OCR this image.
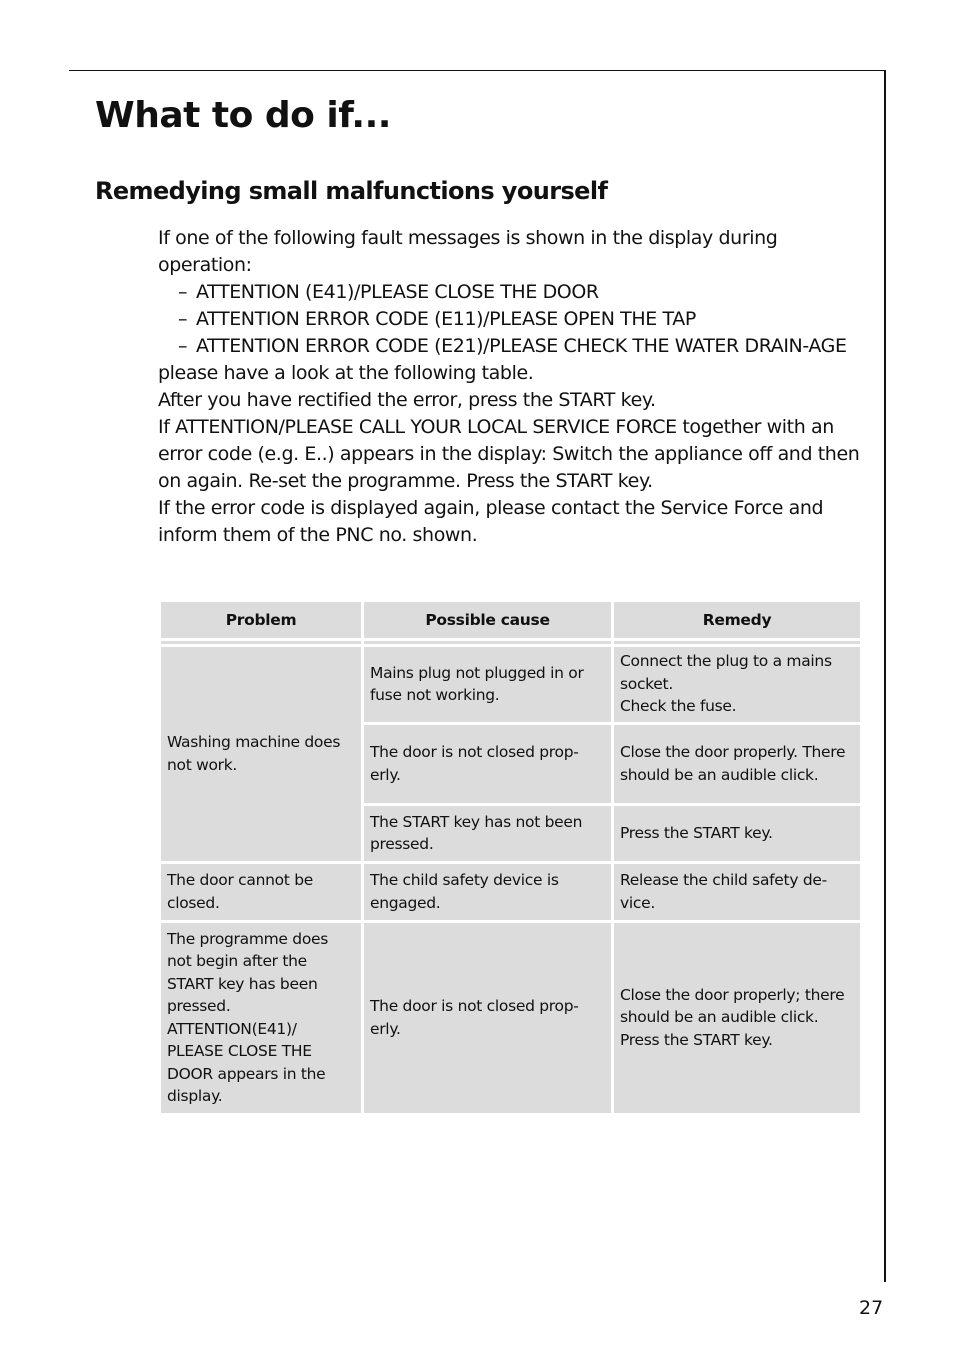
What to do if...
Remedying small malfunctions yourself

If one of the following fault messages is shown in the display during operation:

– ATTENTION (E41)/PLEASE CLOSE THE DOOR
– ATTENTION ERROR CODE (E11)/PLEASE OPEN THE TAP
– ATTENTION ERROR CODE (E21)/PLEASE CHECK THE WATER DRAIN-AGE

please have a look at the following table.

After you have rectified the error, press the START key.

If ATTENTION/PLEASE CALL YOUR LOCAL SERVICE FORCE together with an error code (e.g. E..) appears in the display: Switch the appliance off and then on again. Re-set the programme. Press the START key.

If the error code is displayed again, please contact the Service Force and inform them of the PNC no. shown.

Problem	Possible cause	Remedy

Washing machine does not work.	Mains plug not plugged in or fuse not working.	Connect the plug to a mains socket.
Check the fuse.

	The door is not closed prop-erly.	Close the door properly. There should be an audible click.
	The START key has not been pressed.	Press the START key.
The door cannot be closed.	The child safety device is engaged.	Release the child safety de-vice.
The programme does not begin after the START key has been pressed. ATTENTION(E41)/ PLEASE CLOSE THE DOOR appears in the display.	The door is not closed prop-erly.	Close the door properly; there should be an audible click. Press the START key.
27
